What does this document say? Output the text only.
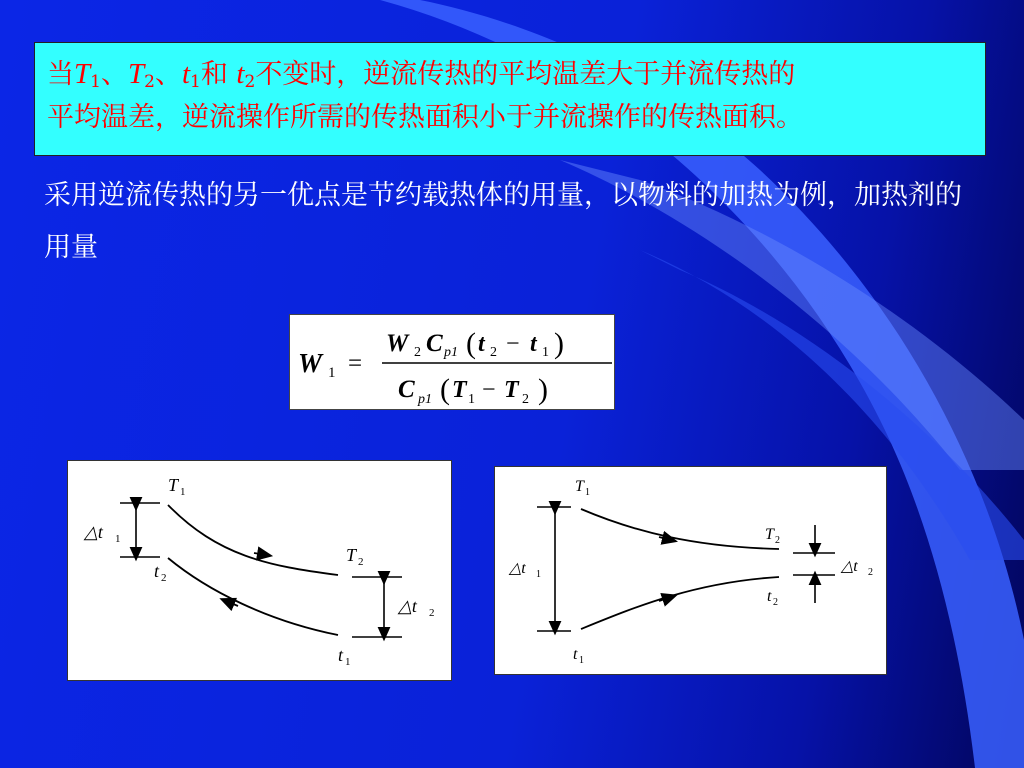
当$T_1$、$T_2$、$t_1$和 $t_2$不变时，逆流传热的平均温差大于并流传热的
平均温差，逆流操作所需的传热面积小于并流操作的传热面积。
采用逆流传热的另一优点是节约载热体的用量，以物料的加热为例，加热剂的用量
W 1 =
W 2 C p1 ( t 2 − t 1 )
C p1 ( T 1 − T 2 )
T 1
T 2
t 2
t 1
△t 1
△t 2
T 1
T 2
t 2
t 1
△t 1	△t 2
